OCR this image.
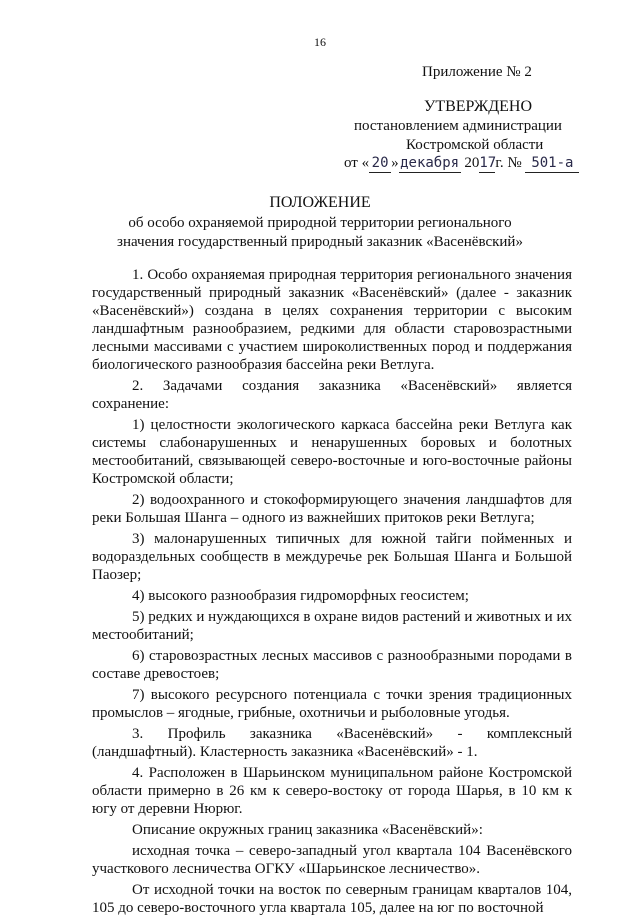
16
Приложение № 2
УТВЕРЖДЕНО
постановлением администрации
Костромской области
от « 20 »декабря 2017г. № 501-а
ПОЛОЖЕНИЕ
об особо охраняемой природной территории регионального
значения государственный природный заказник «Васенёвский»

1. Особо охраняемая природная территория регионального значения государственный природный заказник «Васенёвский» (далее - заказник «Васенёвский») создана в целях сохранения территории с высоким ландшафтным разнообразием, редкими для области старовозрастными лесными массивами с участием широколиственных пород и поддержания биологического разнообразия бассейна реки Ветлуга.

2. Задачами создания заказника «Васенёвский» является сохранение:

1) целостности экологического каркаса бассейна реки Ветлуга как системы слабонарушенных и ненарушенных боровых и болотных местообитаний, связывающей северо-восточные и юго-восточные районы Костромской области;

2) водоохранного и стокоформирующего значения ландшафтов для реки Большая Шанга – одного из важнейших притоков реки Ветлуга;

3) малонарушенных типичных для южной тайги пойменных и водораздельных сообществ в междуречье рек Большая Шанга и Большой Паозер;

4) высокого разнообразия гидроморфных геосистем;

5) редких и нуждающихся в охране видов растений и животных и их местообитаний;

6) старовозрастных лесных массивов с разнообразными породами в составе древостоев;

7) высокого ресурсного потенциала с точки зрения традиционных промыслов – ягодные, грибные, охотничьи и рыболовные угодья.

3. Профиль заказника «Васенёвский» - комплексный (ландшафтный). Кластерность заказника «Васенёвский» - 1.

4. Расположен в Шарьинском муниципальном районе Костромской области примерно в 26 км к северо-востоку от города Шарья, в 10 км к югу от деревни Нюрюг.

Описание окружных границ заказника «Васенёвский»:

исходная точка – северо-западный угол квартала 104 Васенёвского участкового лесничества ОГКУ «Шарьинское лесничество».

От исходной точки на восток по северным границам кварталов 104, 105 до северо-восточного угла квартала 105, далее на юг по восточной
